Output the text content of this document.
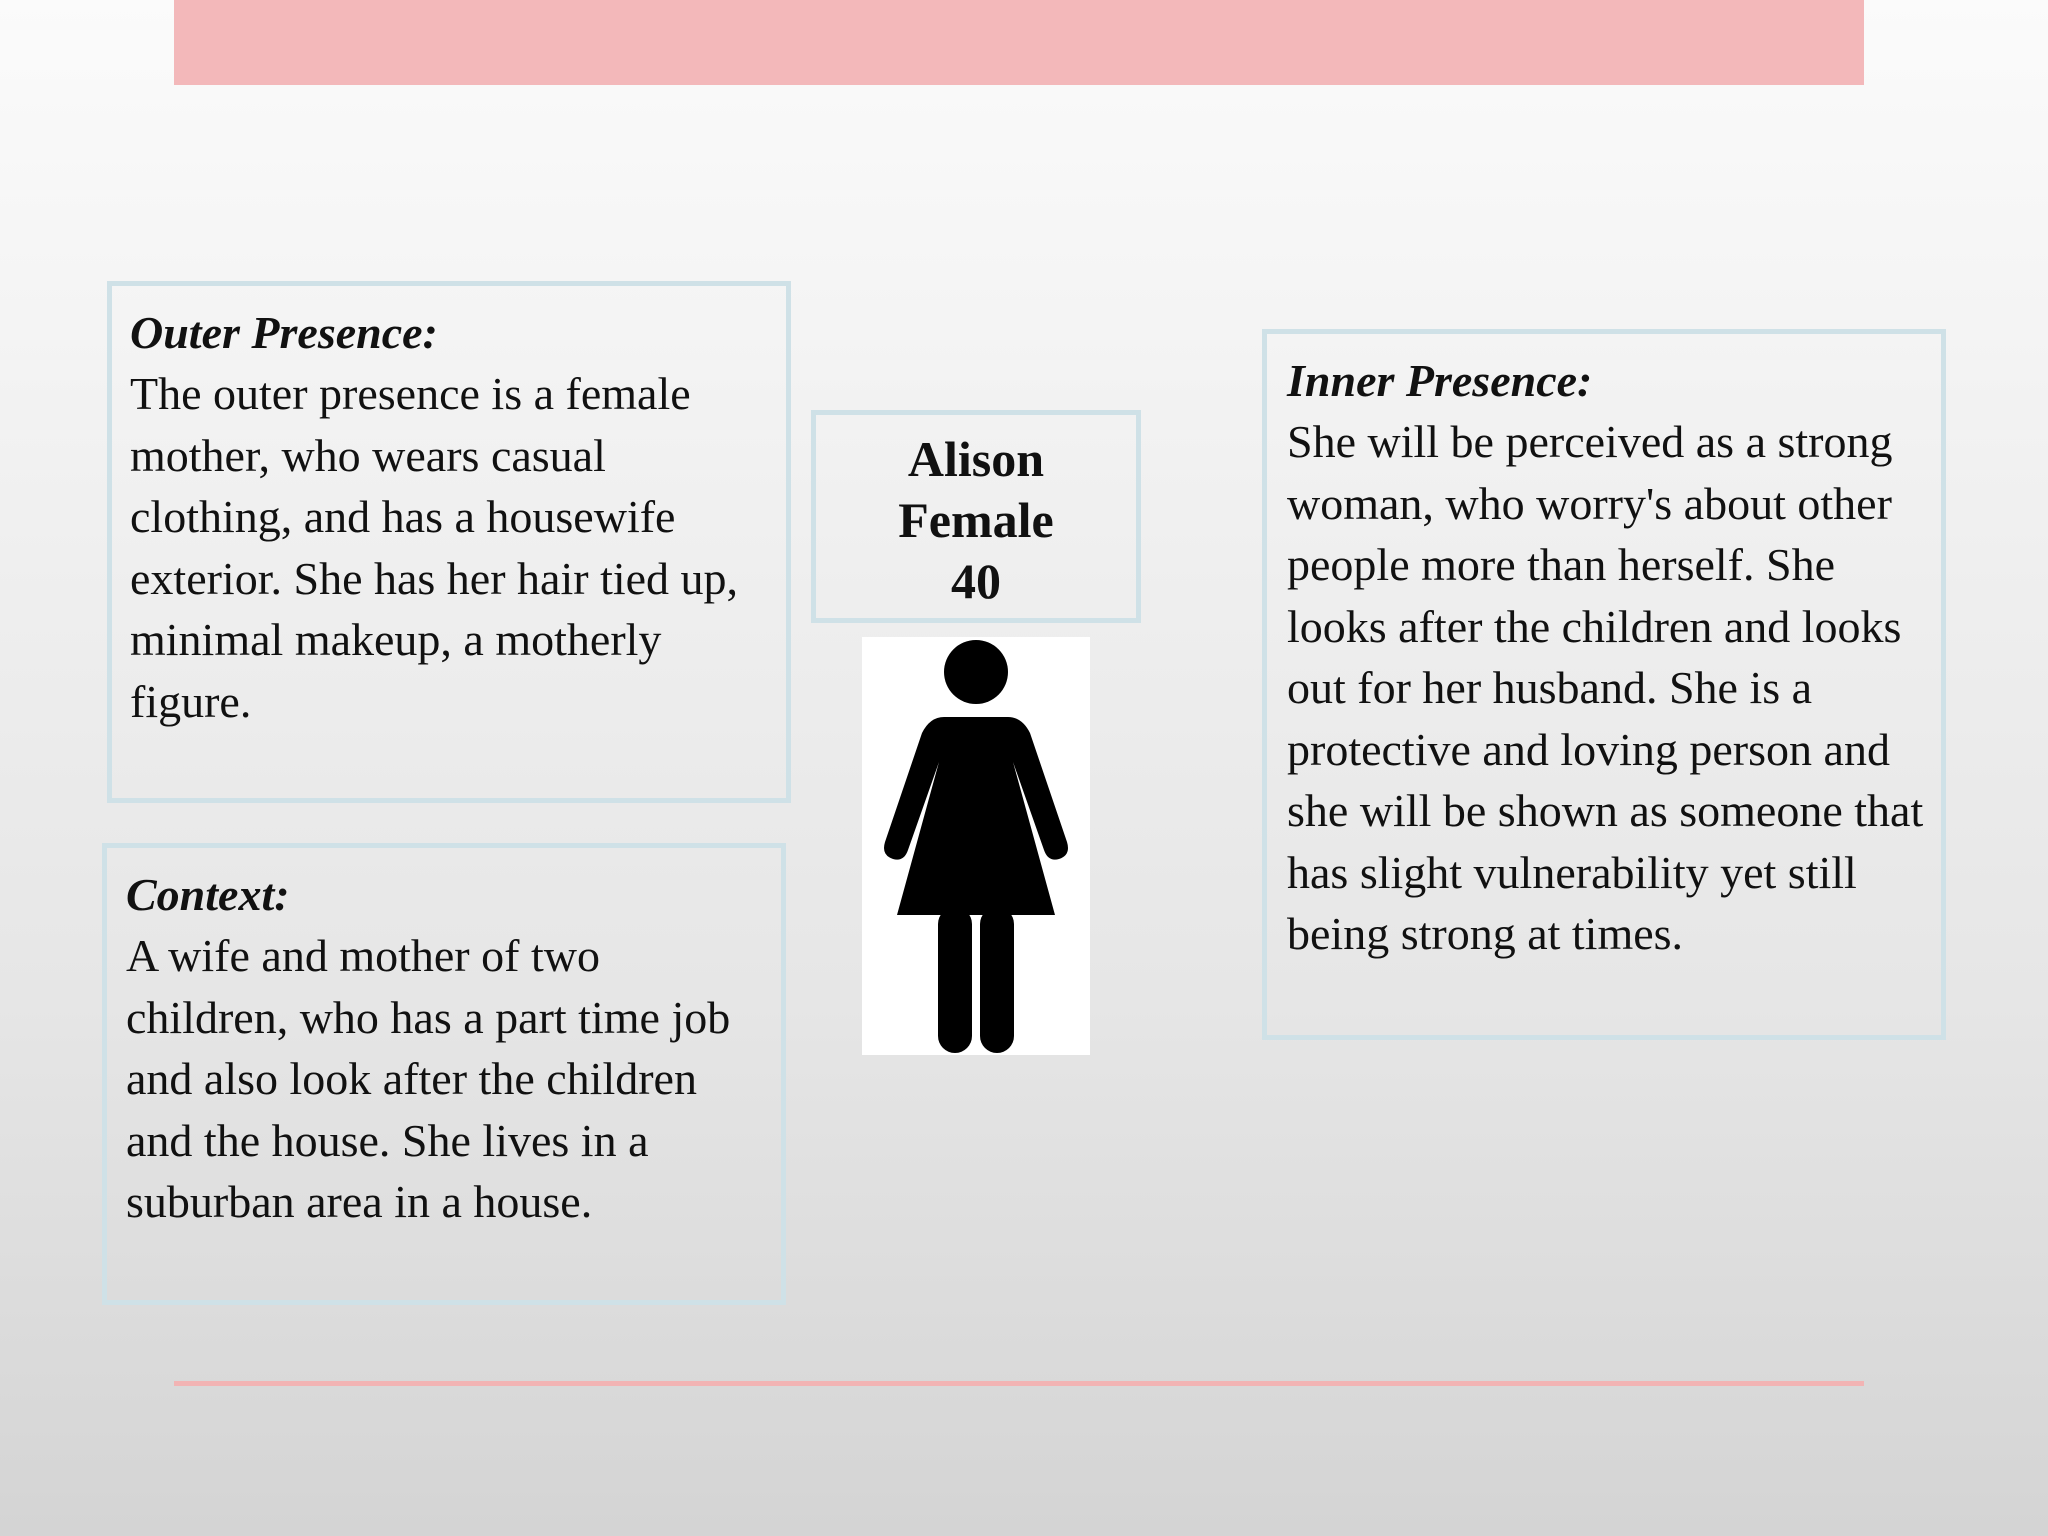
Outer Presence:
The outer presence is a female mother, who wears casual clothing, and has a housewife exterior. She has her hair tied up, minimal makeup, a motherly figure.
Context:
A wife and mother of two children, who has a part time job and also look after the children and the house. She lives in a suburban area in a house.
Alison
Female
40
Inner Presence:
She will be perceived as a strong woman, who worry's about other people more than herself. She looks after the children and looks out for her husband. She is a protective and loving person and she will be shown as someone that has slight vulnerability yet still being strong at times.
